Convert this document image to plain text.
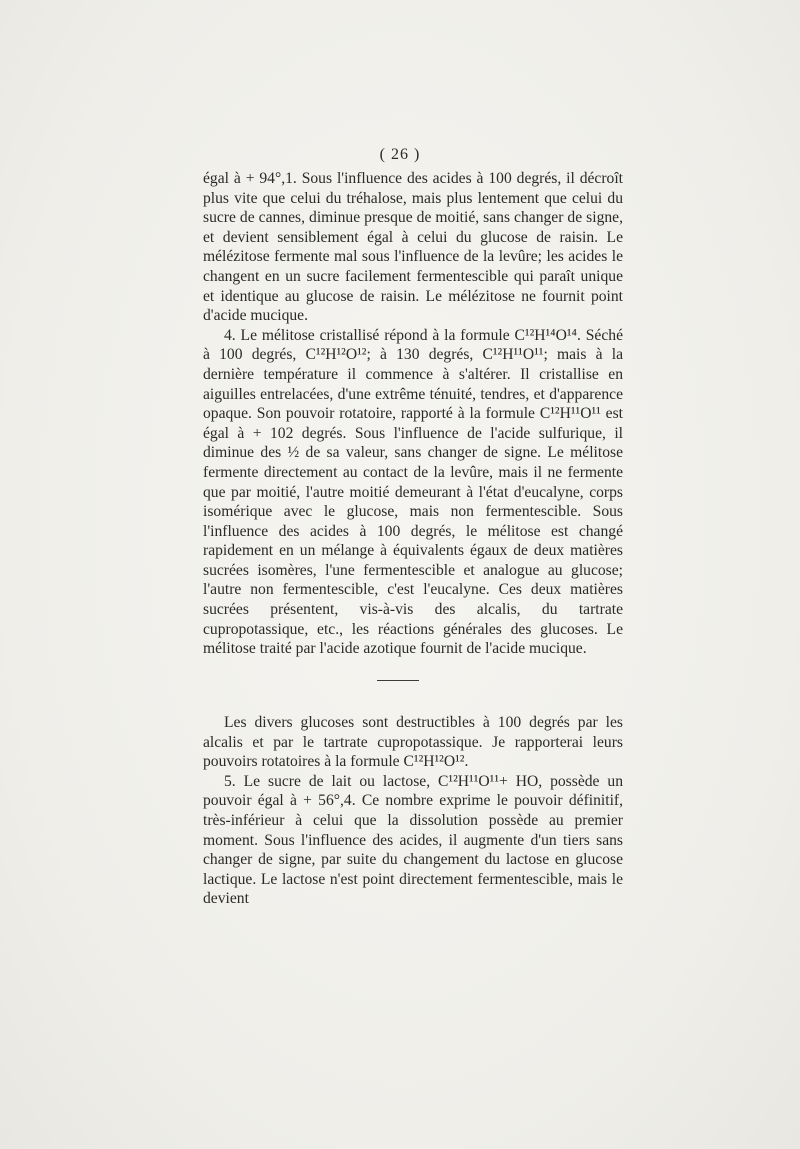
( 26 )

égal à + 94°,1. Sous l'influence des acides à 100 degrés, il décroît plus vite que celui du tréhalose, mais plus lentement que celui du sucre de cannes, diminue presque de moitié, sans changer de signe, et devient sensiblement égal à celui du glucose de raisin. Le mélézitose fermente mal sous l'influence de la levûre; les acides le changent en un sucre facilement fermentescible qui paraît unique et identique au glucose de raisin. Le mélézitose ne fournit point d'acide mucique.

4. Le mélitose cristallisé répond à la formule C¹²H¹⁴O¹⁴. Séché à 100 degrés, C¹²H¹²O¹²; à 130 degrés, C¹²H¹¹O¹¹; mais à la dernière température il commence à s'altérer. Il cristallise en aiguilles entrelacées, d'une extrême ténuité, tendres, et d'apparence opaque. Son pouvoir rotatoire, rapporté à la formule C¹²H¹¹O¹¹ est égal à + 102 degrés. Sous l'influence de l'acide sulfurique, il diminue des ½ de sa valeur, sans changer de signe. Le mélitose fermente directement au contact de la levûre, mais il ne fermente que par moitié, l'autre moitié demeurant à l'état d'eucalyne, corps isomérique avec le glucose, mais non fermentescible. Sous l'influence des acides à 100 degrés, le mélitose est changé rapidement en un mélange à équivalents égaux de deux matières sucrées isomères, l'une fermentescible et analogue au glucose; l'autre non fermentescible, c'est l'eucalyne. Ces deux matières sucrées présentent, vis-à-vis des alcalis, du tartrate cupropotassique, etc., les réactions générales des glucoses. Le mélitose traité par l'acide azotique fournit de l'acide mucique.

Les divers glucoses sont destructibles à 100 degrés par les alcalis et par le tartrate cupropotassique. Je rapporterai leurs pouvoirs rotatoires à la formule C¹²H¹²O¹².

5. Le sucre de lait ou lactose, C¹²H¹¹O¹¹+ HO, possède un pouvoir égal à + 56°,4. Ce nombre exprime le pouvoir définitif, très-inférieur à celui que la dissolution possède au premier moment. Sous l'influence des acides, il augmente d'un tiers sans changer de signe, par suite du changement du lactose en glucose lactique. Le lactose n'est point directement fermentescible, mais le devient
